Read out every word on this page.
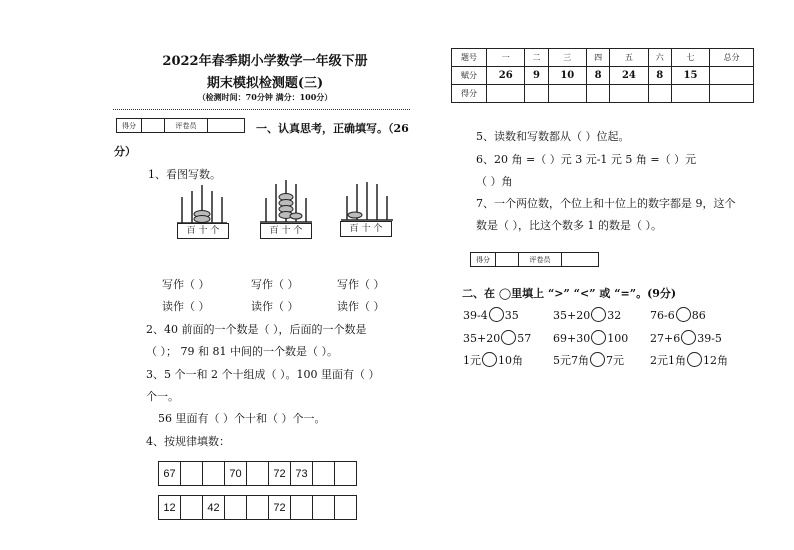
2022年春季期小学数学一年级下册
期末模拟检测题(三)
（检测时间：70分钟 满分：100分）
题号	一	二	三	四	五	六	七	总分
赋分	26	9	10	8	24	8	15	
得分								
得分		评卷员		一、认真思考，正确填写。（26
分）
1、看图写数。
百 十 个	百 十 个	百 十 个
写作（ ）	写作（ ）	写作（ ）
读作（ ）	读作（ ）	读作（ ）
2、40 前面的一个数是（ ），后面的一个数是
（ ）； 79 和 81 中间的一个数是（ ）。
3、5 个一和 2 个十组成（ ）。100 里面有（ ）
个一。
56 里面有（ ）个十和（ ）个一。
4、按规律填数：
67			70		72	73		
12		42			72			
5、读数和写数都从（ ）位起。
6、20 角 =（ ）元 3 元-1 元 5 角 =（ ）元
（ ）角
7、一个两位数，个位上和十位上的数字都是 9，这个
数是（ ），比这个数多 1 的数是（ ）。
得分		评卷员	
二、在 ◯里填上 “>” “<” 或 “=”。(9分)
39-4 35	35+20 32	76-6 86
35+20 57 69+30 100 27+6 39-5
1元 10角	5元7角 7元 2元1角 12角
